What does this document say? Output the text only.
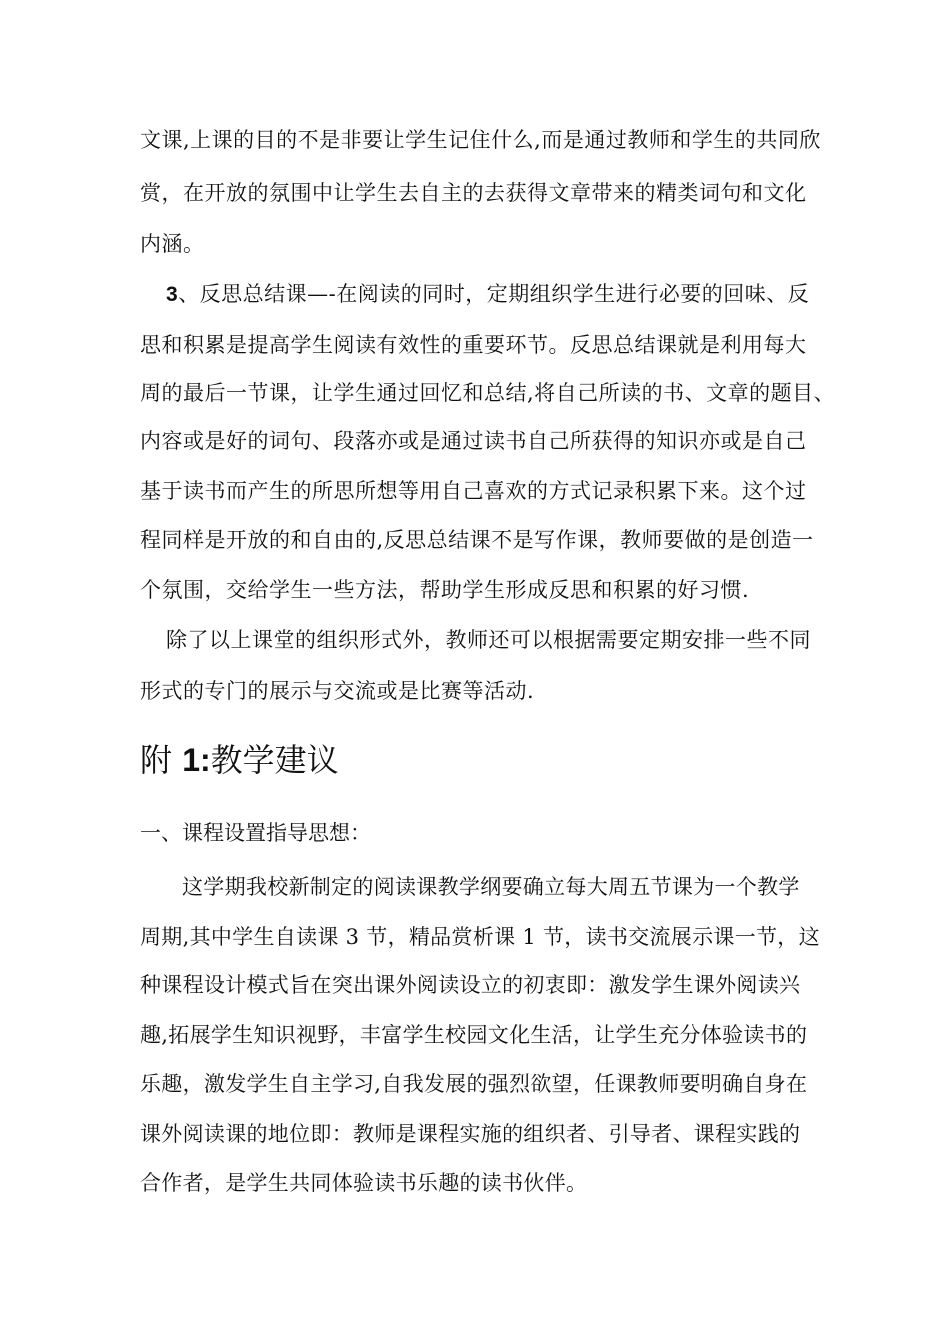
文课,上课的目的不是非要让学生记住什么,而是通过教师和学生的共同欣
赏，在开放的氛围中让学生去自主的去获得文章带来的精类词句和文化
内涵。
3、反思总结课—-在阅读的同时，定期组织学生进行必要的回味、反
思和积累是提高学生阅读有效性的重要环节。反思总结课就是利用每大
周的最后一节课，让学生通过回忆和总结,将自己所读的书、文章的题目、
内容或是好的词句、段落亦或是通过读书自己所获得的知识亦或是自己
基于读书而产生的所思所想等用自己喜欢的方式记录积累下来。这个过
程同样是开放的和自由的,反思总结课不是写作课，教师要做的是创造一
个氛围，交给学生一些方法，帮助学生形成反思和积累的好习惯.
除了以上课堂的组织形式外，教师还可以根据需要定期安排一些不同
形式的专门的展示与交流或是比赛等活动.
附 1:教学建议
一、课程设置指导思想：
这学期我校新制定的阅读课教学纲要确立每大周五节课为一个教学
周期,其中学生自读课 3 节，精品赏析课 1 节，读书交流展示课一节，这
种课程设计模式旨在突出课外阅读设立的初衷即：激发学生课外阅读兴
趣,拓展学生知识视野，丰富学生校园文化生活，让学生充分体验读书的
乐趣，激发学生自主学习,自我发展的强烈欲望，任课教师要明确自身在
课外阅读课的地位即：教师是课程实施的组织者、引导者、课程实践的
合作者，是学生共同体验读书乐趣的读书伙伴。
